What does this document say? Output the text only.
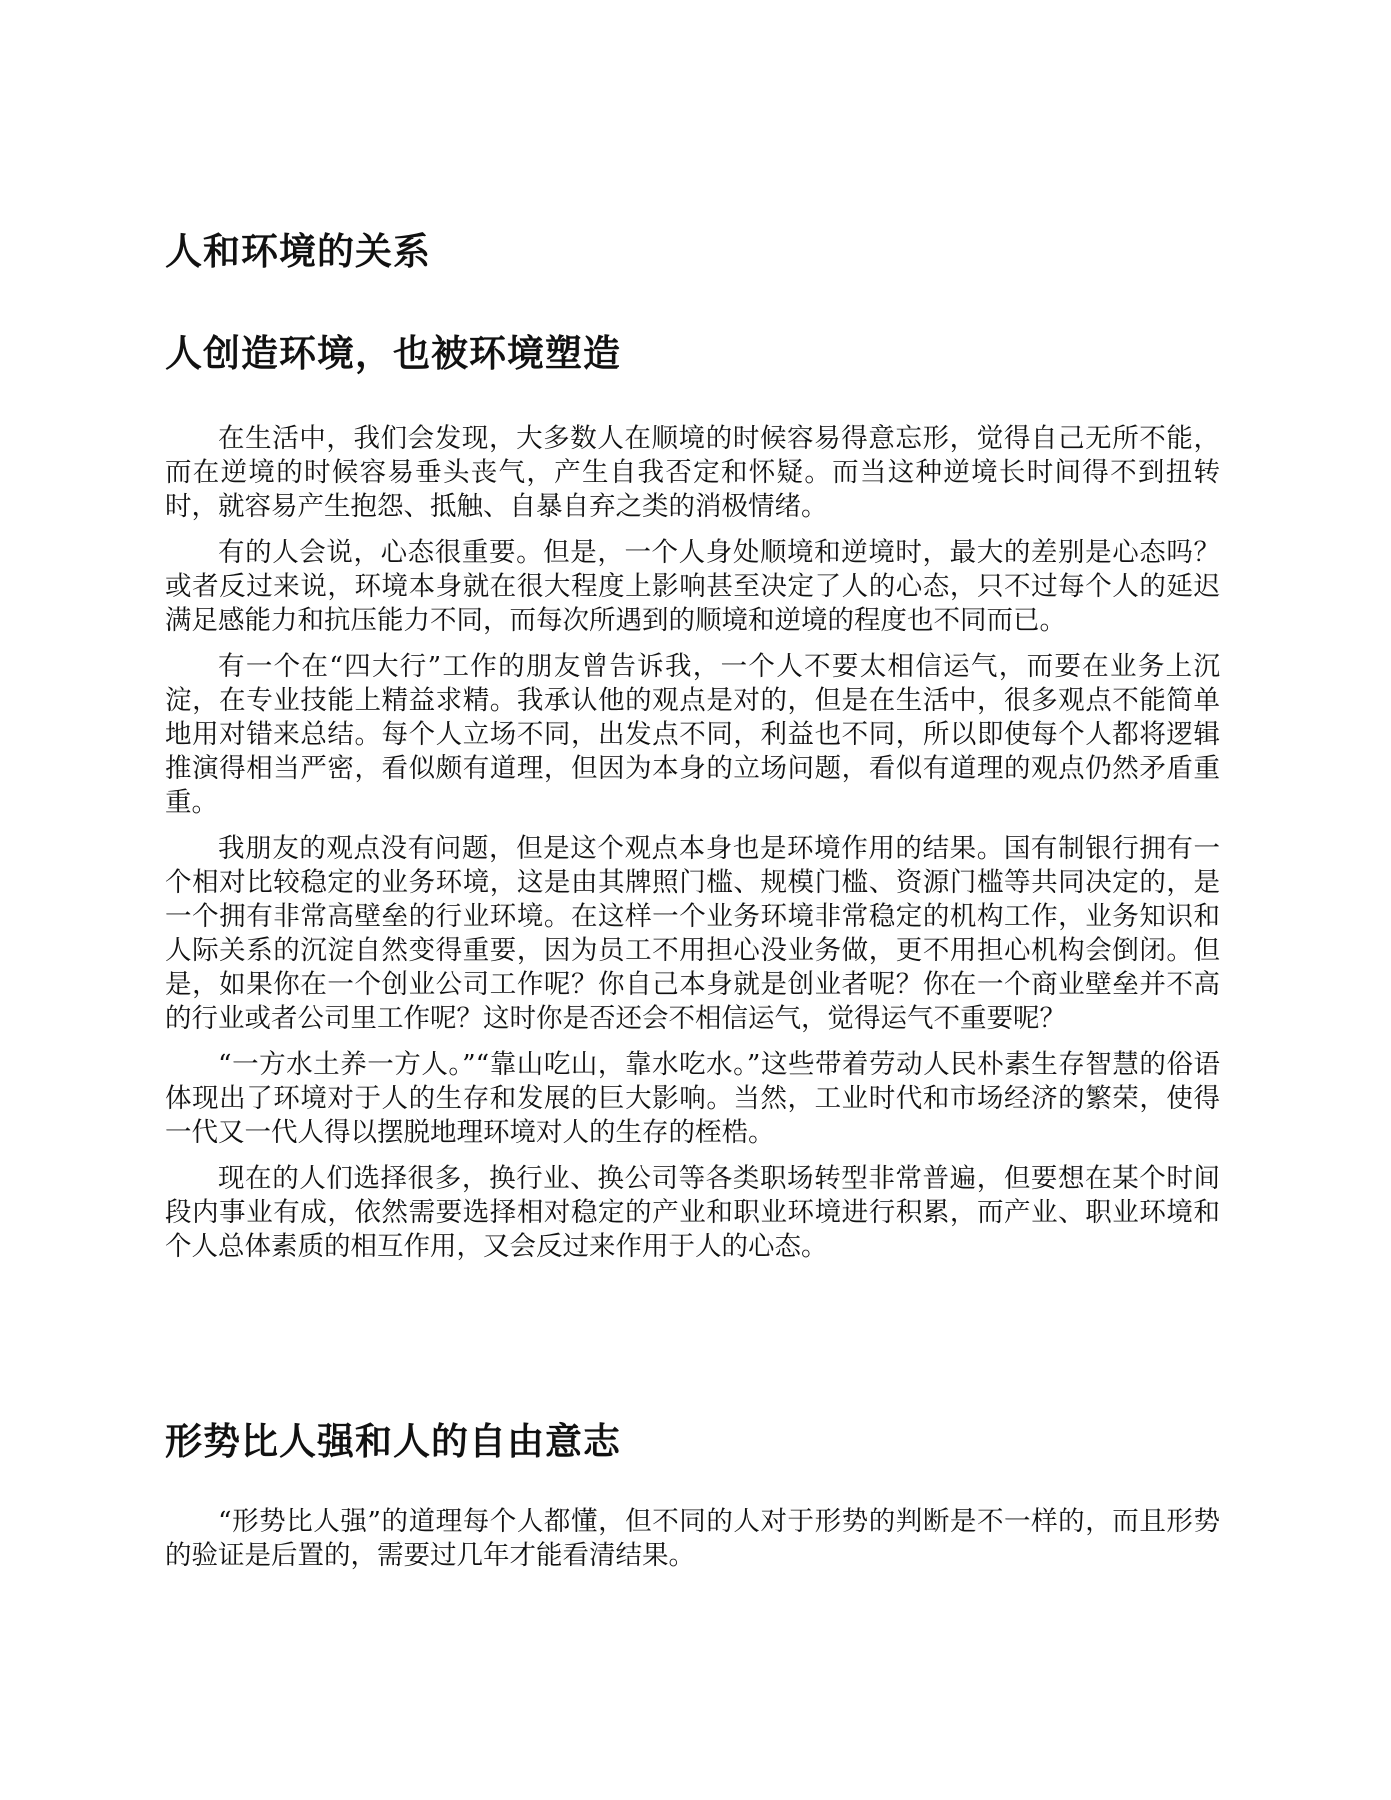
人和环境的关系
人创造环境，也被环境塑造

在生活中，我们会发现，大多数人在顺境的时候容易得意忘形，觉得自己无所不能，而在逆境的时候容易垂头丧气，产生自我否定和怀疑。而当这种逆境长时间得不到扭转时，就容易产生抱怨、抵触、自暴自弃之类的消极情绪。

有的人会说，心态很重要。但是，一个人身处顺境和逆境时，最大的差别是心态吗？或者反过来说，环境本身就在很大程度上影响甚至决定了人的心态，只不过每个人的延迟满足感能力和抗压能力不同，而每次所遇到的顺境和逆境的程度也不同而已。

有一个在“四大行”工作的朋友曾告诉我，一个人不要太相信运气，而要在业务上沉淀，在专业技能上精益求精。我承认他的观点是对的，但是在生活中，很多观点不能简单地用对错来总结。每个人立场不同，出发点不同，利益也不同，所以即使每个人都将逻辑推演得相当严密，看似颇有道理，但因为本身的立场问题，看似有道理的观点仍然矛盾重重。

我朋友的观点没有问题，但是这个观点本身也是环境作用的结果。国有制银行拥有一个相对比较稳定的业务环境，这是由其牌照门槛、规模门槛、资源门槛等共同决定的，是一个拥有非常高壁垒的行业环境。在这样一个业务环境非常稳定的机构工作，业务知识和人际关系的沉淀自然变得重要，因为员工不用担心没业务做，更不用担心机构会倒闭。但是，如果你在一个创业公司工作呢？你自己本身就是创业者呢？你在一个商业壁垒并不高的行业或者公司里工作呢？这时你是否还会不相信运气，觉得运气不重要呢？

“一方水土养一方人。”“靠山吃山，靠水吃水。”这些带着劳动人民朴素生存智慧的俗语体现出了环境对于人的生存和发展的巨大影响。当然，工业时代和市场经济的繁荣，使得一代又一代人得以摆脱地理环境对人的生存的桎梏。

现在的人们选择很多，换行业、换公司等各类职场转型非常普遍，但要想在某个时间段内事业有成，依然需要选择相对稳定的产业和职业环境进行积累，而产业、职业环境和个人总体素质的相互作用，又会反过来作用于人的心态。

形势比人强和人的自由意志

“形势比人强”的道理每个人都懂，但不同的人对于形势的判断是不一样的，而且形势的验证是后置的，需要过几年才能看清结果。
